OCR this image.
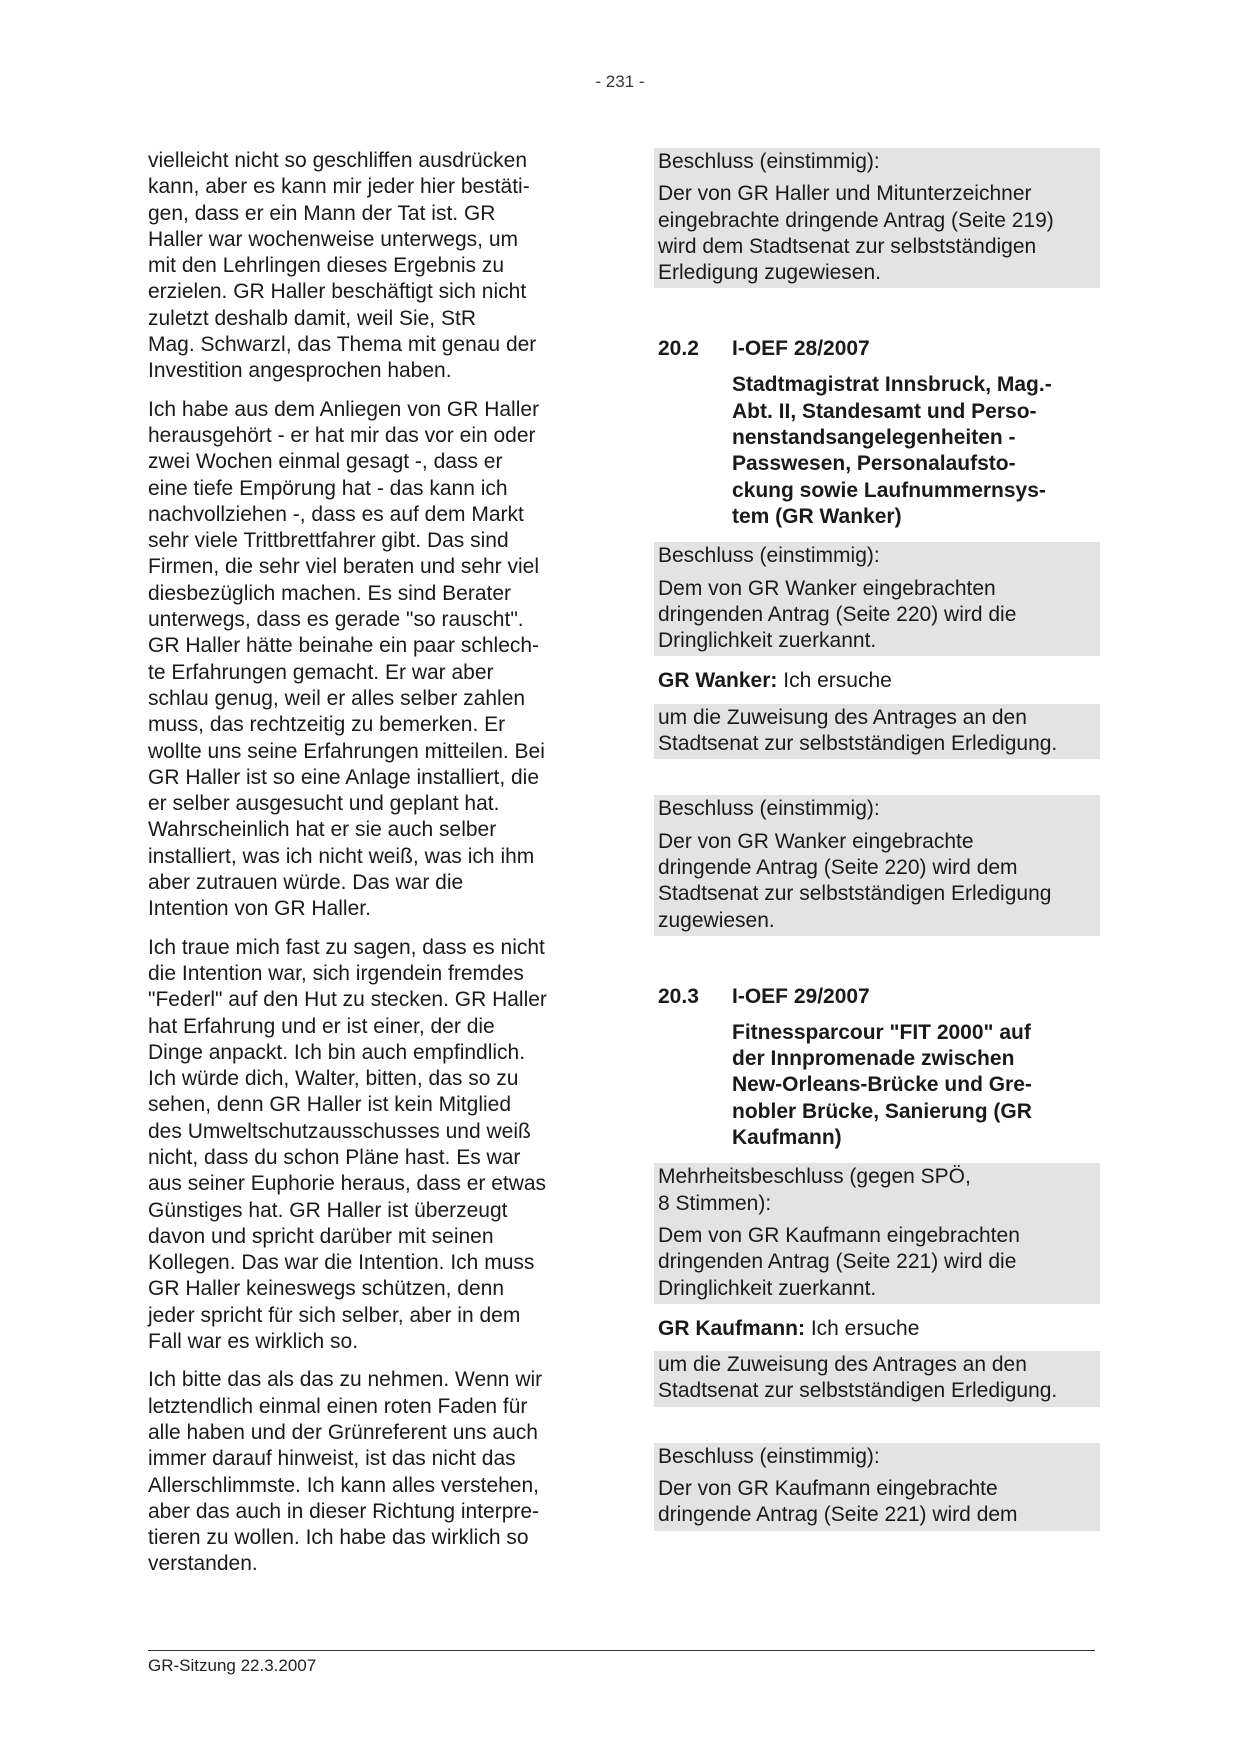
- 231 -

vielleicht nicht so geschliffen ausdrücken
kann, aber es kann mir jeder hier bestäti-
gen, dass er ein Mann der Tat ist. GR
Haller war wochenweise unterwegs, um
mit den Lehrlingen dieses Ergebnis zu
erzielen. GR Haller beschäftigt sich nicht
zuletzt deshalb damit, weil Sie, StR
Mag. Schwarzl, das Thema mit genau der
Investition angesprochen haben.

Ich habe aus dem Anliegen von GR Haller
herausgehört - er hat mir das vor ein oder
zwei Wochen einmal gesagt -, dass er
eine tiefe Empörung hat - das kann ich
nachvollziehen -, dass es auf dem Markt
sehr viele Trittbrettfahrer gibt. Das sind
Firmen, die sehr viel beraten und sehr viel
diesbezüglich machen. Es sind Berater
unterwegs, dass es gerade "so rauscht".
GR Haller hätte beinahe ein paar schlech-
te Erfahrungen gemacht. Er war aber
schlau genug, weil er alles selber zahlen
muss, das rechtzeitig zu bemerken. Er
wollte uns seine Erfahrungen mitteilen. Bei
GR Haller ist so eine Anlage installiert, die
er selber ausgesucht und geplant hat.
Wahrscheinlich hat er sie auch selber
installiert, was ich nicht weiß, was ich ihm
aber zutrauen würde. Das war die
Intention von GR Haller.

Ich traue mich fast zu sagen, dass es nicht
die Intention war, sich irgendein fremdes
"Federl" auf den Hut zu stecken. GR Haller
hat Erfahrung und er ist einer, der die
Dinge anpackt. Ich bin auch empfindlich.
Ich würde dich, Walter, bitten, das so zu
sehen, denn GR Haller ist kein Mitglied
des Umweltschutzausschusses und weiß
nicht, dass du schon Pläne hast. Es war
aus seiner Euphorie heraus, dass er etwas
Günstiges hat. GR Haller ist überzeugt
davon und spricht darüber mit seinen
Kollegen. Das war die Intention. Ich muss
GR Haller keineswegs schützen, denn
jeder spricht für sich selber, aber in dem
Fall war es wirklich so.

Ich bitte das als das zu nehmen. Wenn wir
letztendlich einmal einen roten Faden für
alle haben und der Grünreferent uns auch
immer darauf hinweist, ist das nicht das
Allerschlimmste. Ich kann alles verstehen,
aber das auch in dieser Richtung interpre-
tieren zu wollen. Ich habe das wirklich so
verstanden.

Beschluss (einstimmig):
Der von GR Haller und Mitunterzeichner
eingebrachte dringende Antrag (Seite 219)
wird dem Stadtsenat zur selbstständigen
Erledigung zugewiesen.
20.2	I-OEF 28/2007
Stadtmagistrat Innsbruck, Mag.-
Abt. II, Standesamt und Perso-
nenstandsangelegenheiten -
Passwesen, Personalaufsto-
ckung sowie Laufnummernsys-
tem (GR Wanker)
Beschluss (einstimmig):
Dem von GR Wanker eingebrachten
dringenden Antrag (Seite 220) wird die
Dringlichkeit zuerkannt.
GR Wanker: Ich ersuche
um die Zuweisung des Antrages an den
Stadtsenat zur selbstständigen Erledigung.
Beschluss (einstimmig):
Der von GR Wanker eingebrachte
dringende Antrag (Seite 220) wird dem
Stadtsenat zur selbstständigen Erledigung
zugewiesen.
20.3	I-OEF 29/2007
Fitnessparcour "FIT 2000" auf
der Innpromenade zwischen
New-Orleans-Brücke und Gre-
nobler Brücke, Sanierung (GR
Kaufmann)
Mehrheitsbeschluss (gegen SPÖ,
8 Stimmen):
Dem von GR Kaufmann eingebrachten
dringenden Antrag (Seite 221) wird die
Dringlichkeit zuerkannt.
GR Kaufmann: Ich ersuche
um die Zuweisung des Antrages an den
Stadtsenat zur selbstständigen Erledigung.
Beschluss (einstimmig):
Der von GR Kaufmann eingebrachte
dringende Antrag (Seite 221) wird dem
GR-Sitzung 22.3.2007
